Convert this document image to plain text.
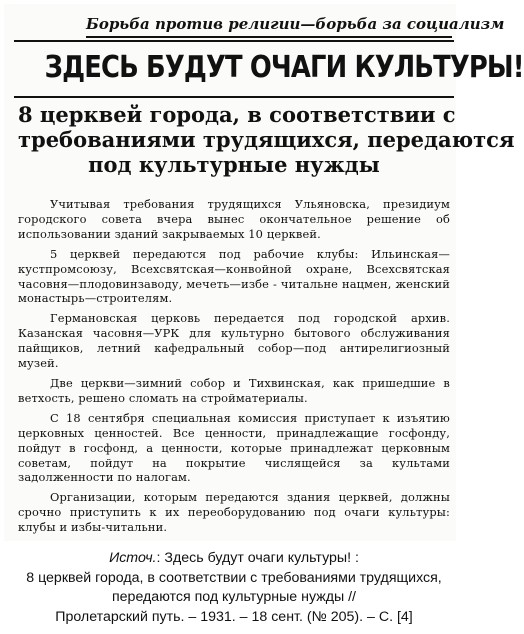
Борьба против религии—борьба за социализм
ЗДЕСЬ БУДУТ ОЧАГИ КУЛЬТУРЫ!
8 церквей города, в соответствии с
требованиями трудящихся, передаются
под культурные нужды

Учитывая требования трудящихся Ульяновска, президиум городского совета вчера вынес окончательное решение об использовании зданий закрываемых 10 церквей.

5 церквей передаются под рабочие клубы: Ильинская—кустпромсоюзу, Всехсвятская—конвойной охране, Всехсвятская часовня—плодовинзаводу, мечеть—избе - читальне нацмен, женский монастырь—строителям.

Германовская церковь передается под городской архив. Казанская часовня—УРК для культурно бытового обслуживания пайщиков, летний кафедральный собор—под антирелигиозный музей.

Две церкви—зимний собор и Тихвинская, как пришедшие в ветхость, решено сломать на стройматериалы.

С 18 сентября специальная комиссия приступает к изъятию церковных ценностей. Все ценности, принадлежащие госфонду, пойдут в госфонд, а ценности, которые принадлежат церковным советам, пойдут на покрытие числящейся за культами задолженности по налогам.

Организации, которым передаются здания церквей, должны срочно приступить к их переоборудованию под очаги культуры: клубы и избы-читальни.

Источ.: Здесь будут очаги культуры! :
8 церквей города, в соответствии с требованиями трудящихся,
передаются под культурные нужды //
Пролетарский путь. – 1931. – 18 сент. (№ 205). – С. [4]
